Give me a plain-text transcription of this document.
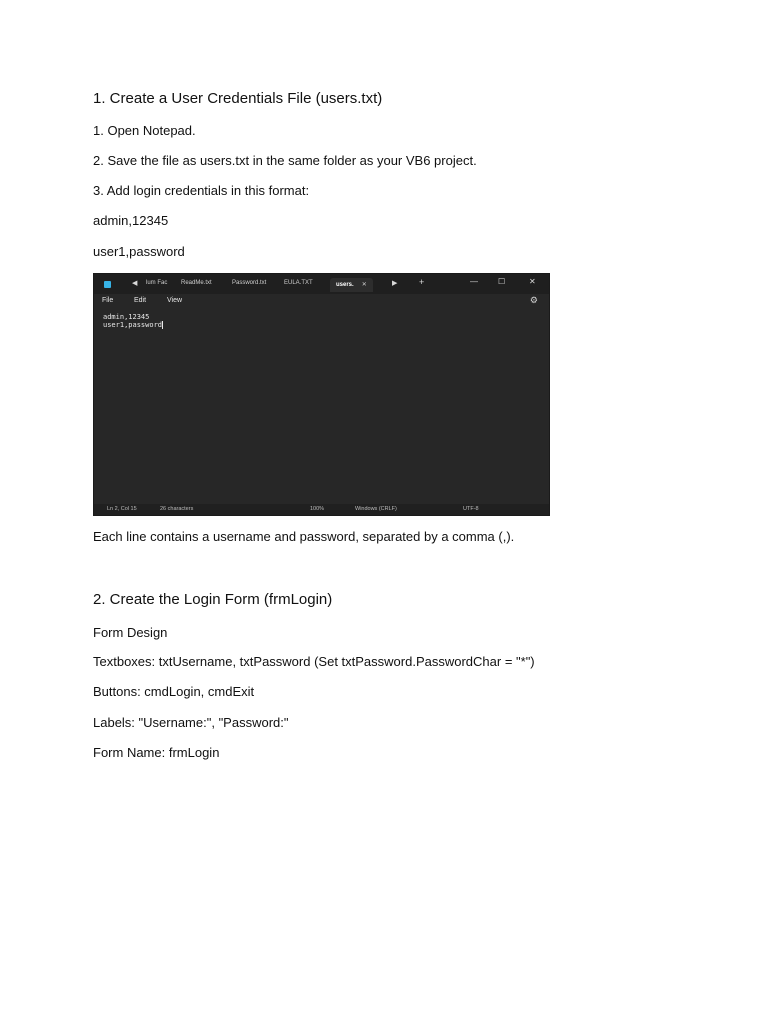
1. Create a User Credentials File (users.txt)

1. Open Notepad.

2. Save the file as users.txt in the same folder as your VB6 project.

3. Add login credentials in this format:

admin,12345

user1,password

◀ lum Fac ReadMe.txt	Password.txt	EULA.TXT	users. ✕	▶ +	—	☐	✕
File	Edit	View	⚙
admin,12345
user1,password
Ln 2, Col 15	26 characters	100%	Windows (CRLF)	UTF-8

Each line contains a username and password, separated by a comma (,).

2. Create the Login Form (frmLogin)

Form Design

Textboxes: txtUsername, txtPassword (Set txtPassword.PasswordChar = "*")

Buttons: cmdLogin, cmdExit

Labels: "Username:", "Password:"

Form Name: frmLogin
